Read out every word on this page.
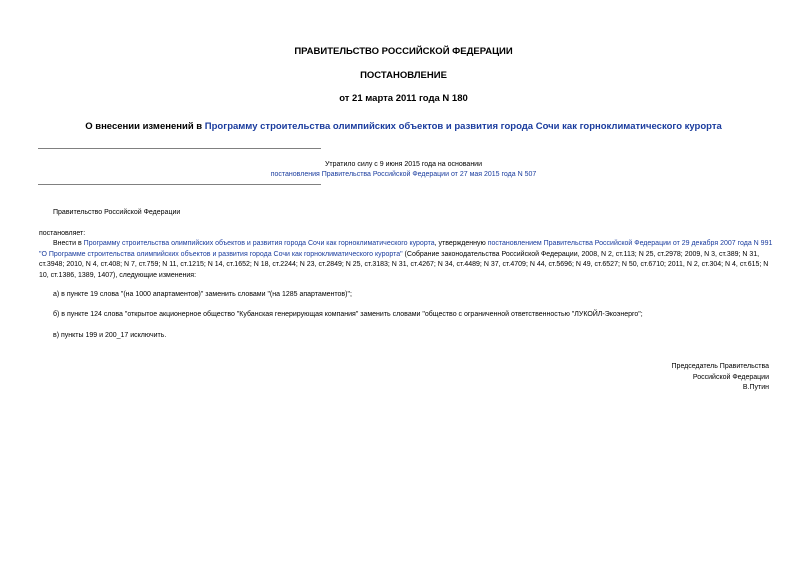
ПРАВИТЕЛЬСТВО РОССИЙСКОЙ ФЕДЕРАЦИИ
ПОСТАНОВЛЕНИЕ
от 21 марта 2011 года N 180
О внесении изменений в Программу строительства олимпийских объектов и развития города Сочи как горноклиматического курорта
Утратило силу с 9 июня 2015 года на основании
постановления Правительства Российской Федерации от 27 мая 2015 года N 507
Правительство Российской Федерации
постановляет:
Внести в Программу строительства олимпийских объектов и развития города Сочи как горноклиматического курорта, утвержденную постановлением Правительства Российской Федерации от 29 декабря 2007 года N 991 "О Программе строительства олимпийских объектов и развития города Сочи как горноклиматического курорта" (Собрание законодательства Российской Федерации, 2008, N 2, ст.113; N 25, ст.2978; 2009, N 3, ст.389; N 31, ст.3948; 2010, N 4, ст.408; N 7, ст.759; N 11, ст.1215; N 14, ст.1652; N 18, ст.2244; N 23, ст.2849; N 25, ст.3183; N 31, ст.4267; N 34, ст.4489; N 37, ст.4709; N 44, ст.5696; N 49, ст.6527; N 50, ст.6710; 2011, N 2, ст.304; N 4, ст.615; N 10, ст.1386, 1389, 1407), следующие изменения:
а) в пункте 19 слова "(на 1000 апартаментов)" заменить словами "(на 1285 апартаментов)";
б) в пункте 124 слова "открытое акционерное общество "Кубанская генерирующая компания" заменить словами "общество с ограниченной ответственностью "ЛУКОЙЛ-Экоэнерго";
в) пункты 199 и 200_17 исключить.
Председатель Правительства
Российской Федерации
В.Путин
